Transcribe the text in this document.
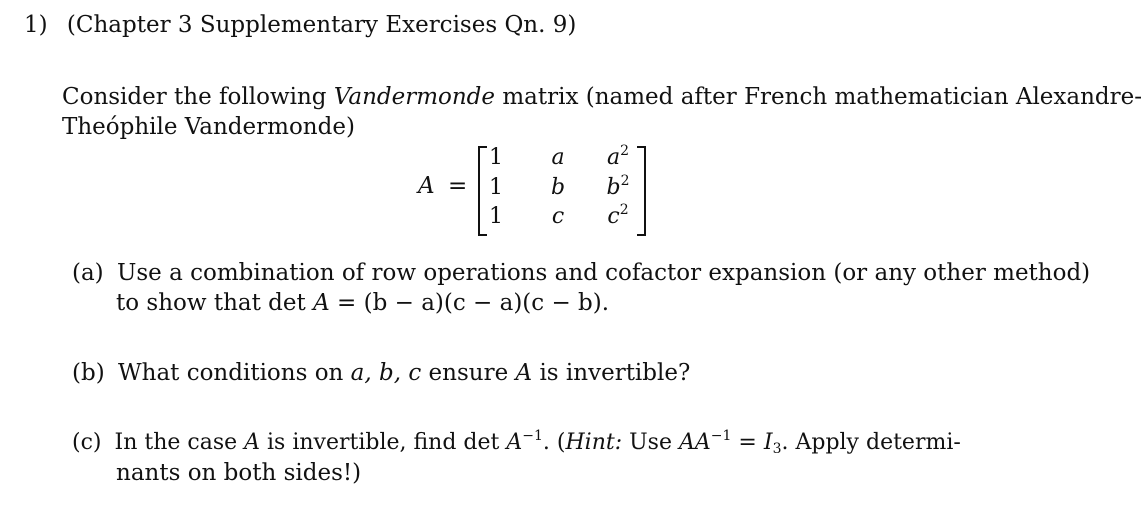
1) (Chapter 3 Supplementary Exercises Qn. 9)
Consider the following Vandermonde matrix (named after French mathematician Alexandre-
Theóphile Vandermonde)
A =
1	a	$a^2$
1	b	$b^2$
1	c	$c^2$
(a) Use a combination of row operations and cofactor expansion (or any other method)
to show that det A = (b − a)(c − a)(c − b).
(b) What conditions on a, b, c ensure A is invertible?
(c) In the case A is invertible, find $\det A^{-1}$. (Hint: Use $AA^{-1} = I_3$. Apply determi-
nants on both sides!)
